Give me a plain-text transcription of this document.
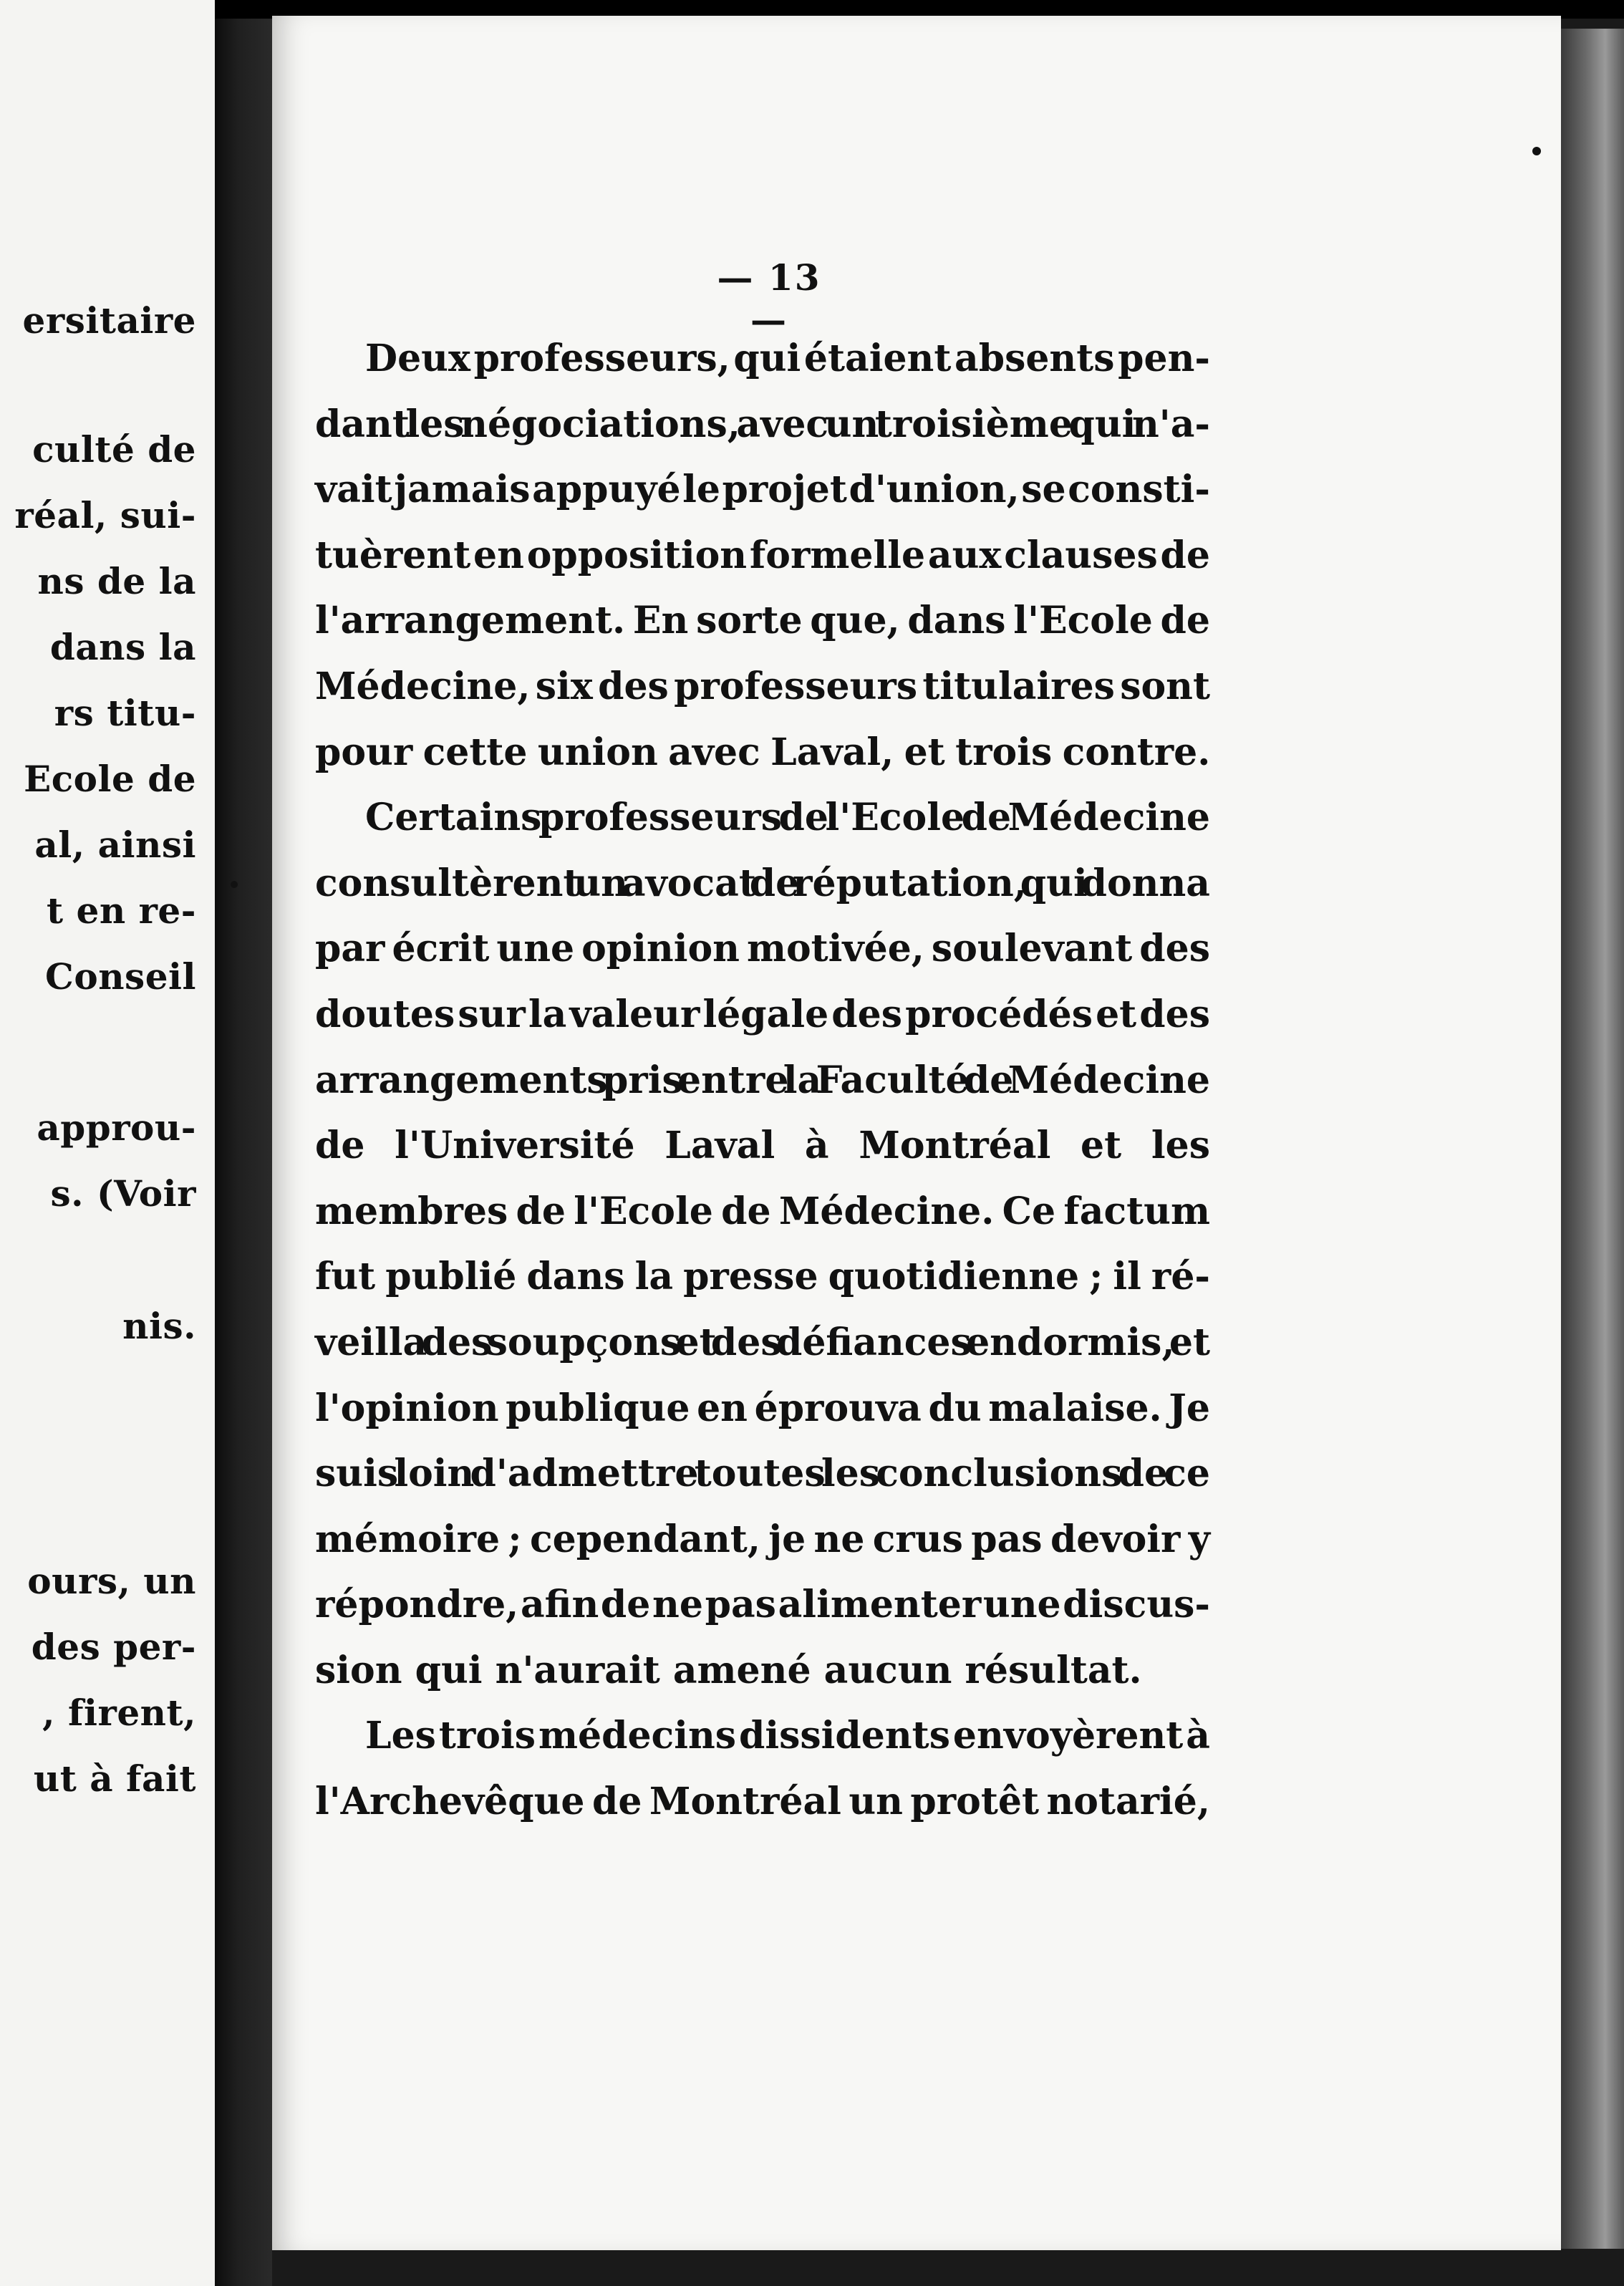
ersitaire
culté de
réal, sui-
ns de la
dans la
rs titu-
Ecole de
al, ainsi
t en re-
Conseil
approu-
s. (Voir
nis.
ours, un
des per-
, firent,
ut à fait
— 13 —
Deux professeurs, qui étaient absents pen-
dant les négociations, avec un troisième qui n'a-
vait jamais appuyé le projet d'union, se consti-
tuèrent en opposition formelle aux clauses de
l'arrangement. En sorte que, dans l'Ecole de
Médecine, six des professeurs titulaires sont
pour cette union avec Laval, et trois contre.
Certains professeurs de l'Ecole de Médecine
consultèrent un avocat de réputation, qui donna
par écrit une opinion motivée, soulevant des
doutes sur la valeur légale des procédés et des
arrangements pris entre la Faculté de Médecine
de l'Université Laval à Montréal et les
membres de l'Ecole de Médecine. Ce factum
fut publié dans la presse quotidienne ; il ré-
veilla des soupçons et des défiances endormis, et
l'opinion publique en éprouva du malaise. Je
suis loin d'admettre toutes les conclusions de ce
mémoire ; cependant, je ne crus pas devoir y
répondre, afin de ne pas alimenter une discus-
sion qui n'aurait amené aucun résultat.
Les trois médecins dissidents envoyèrent à
l'Archevêque de Montréal un protêt notarié,
